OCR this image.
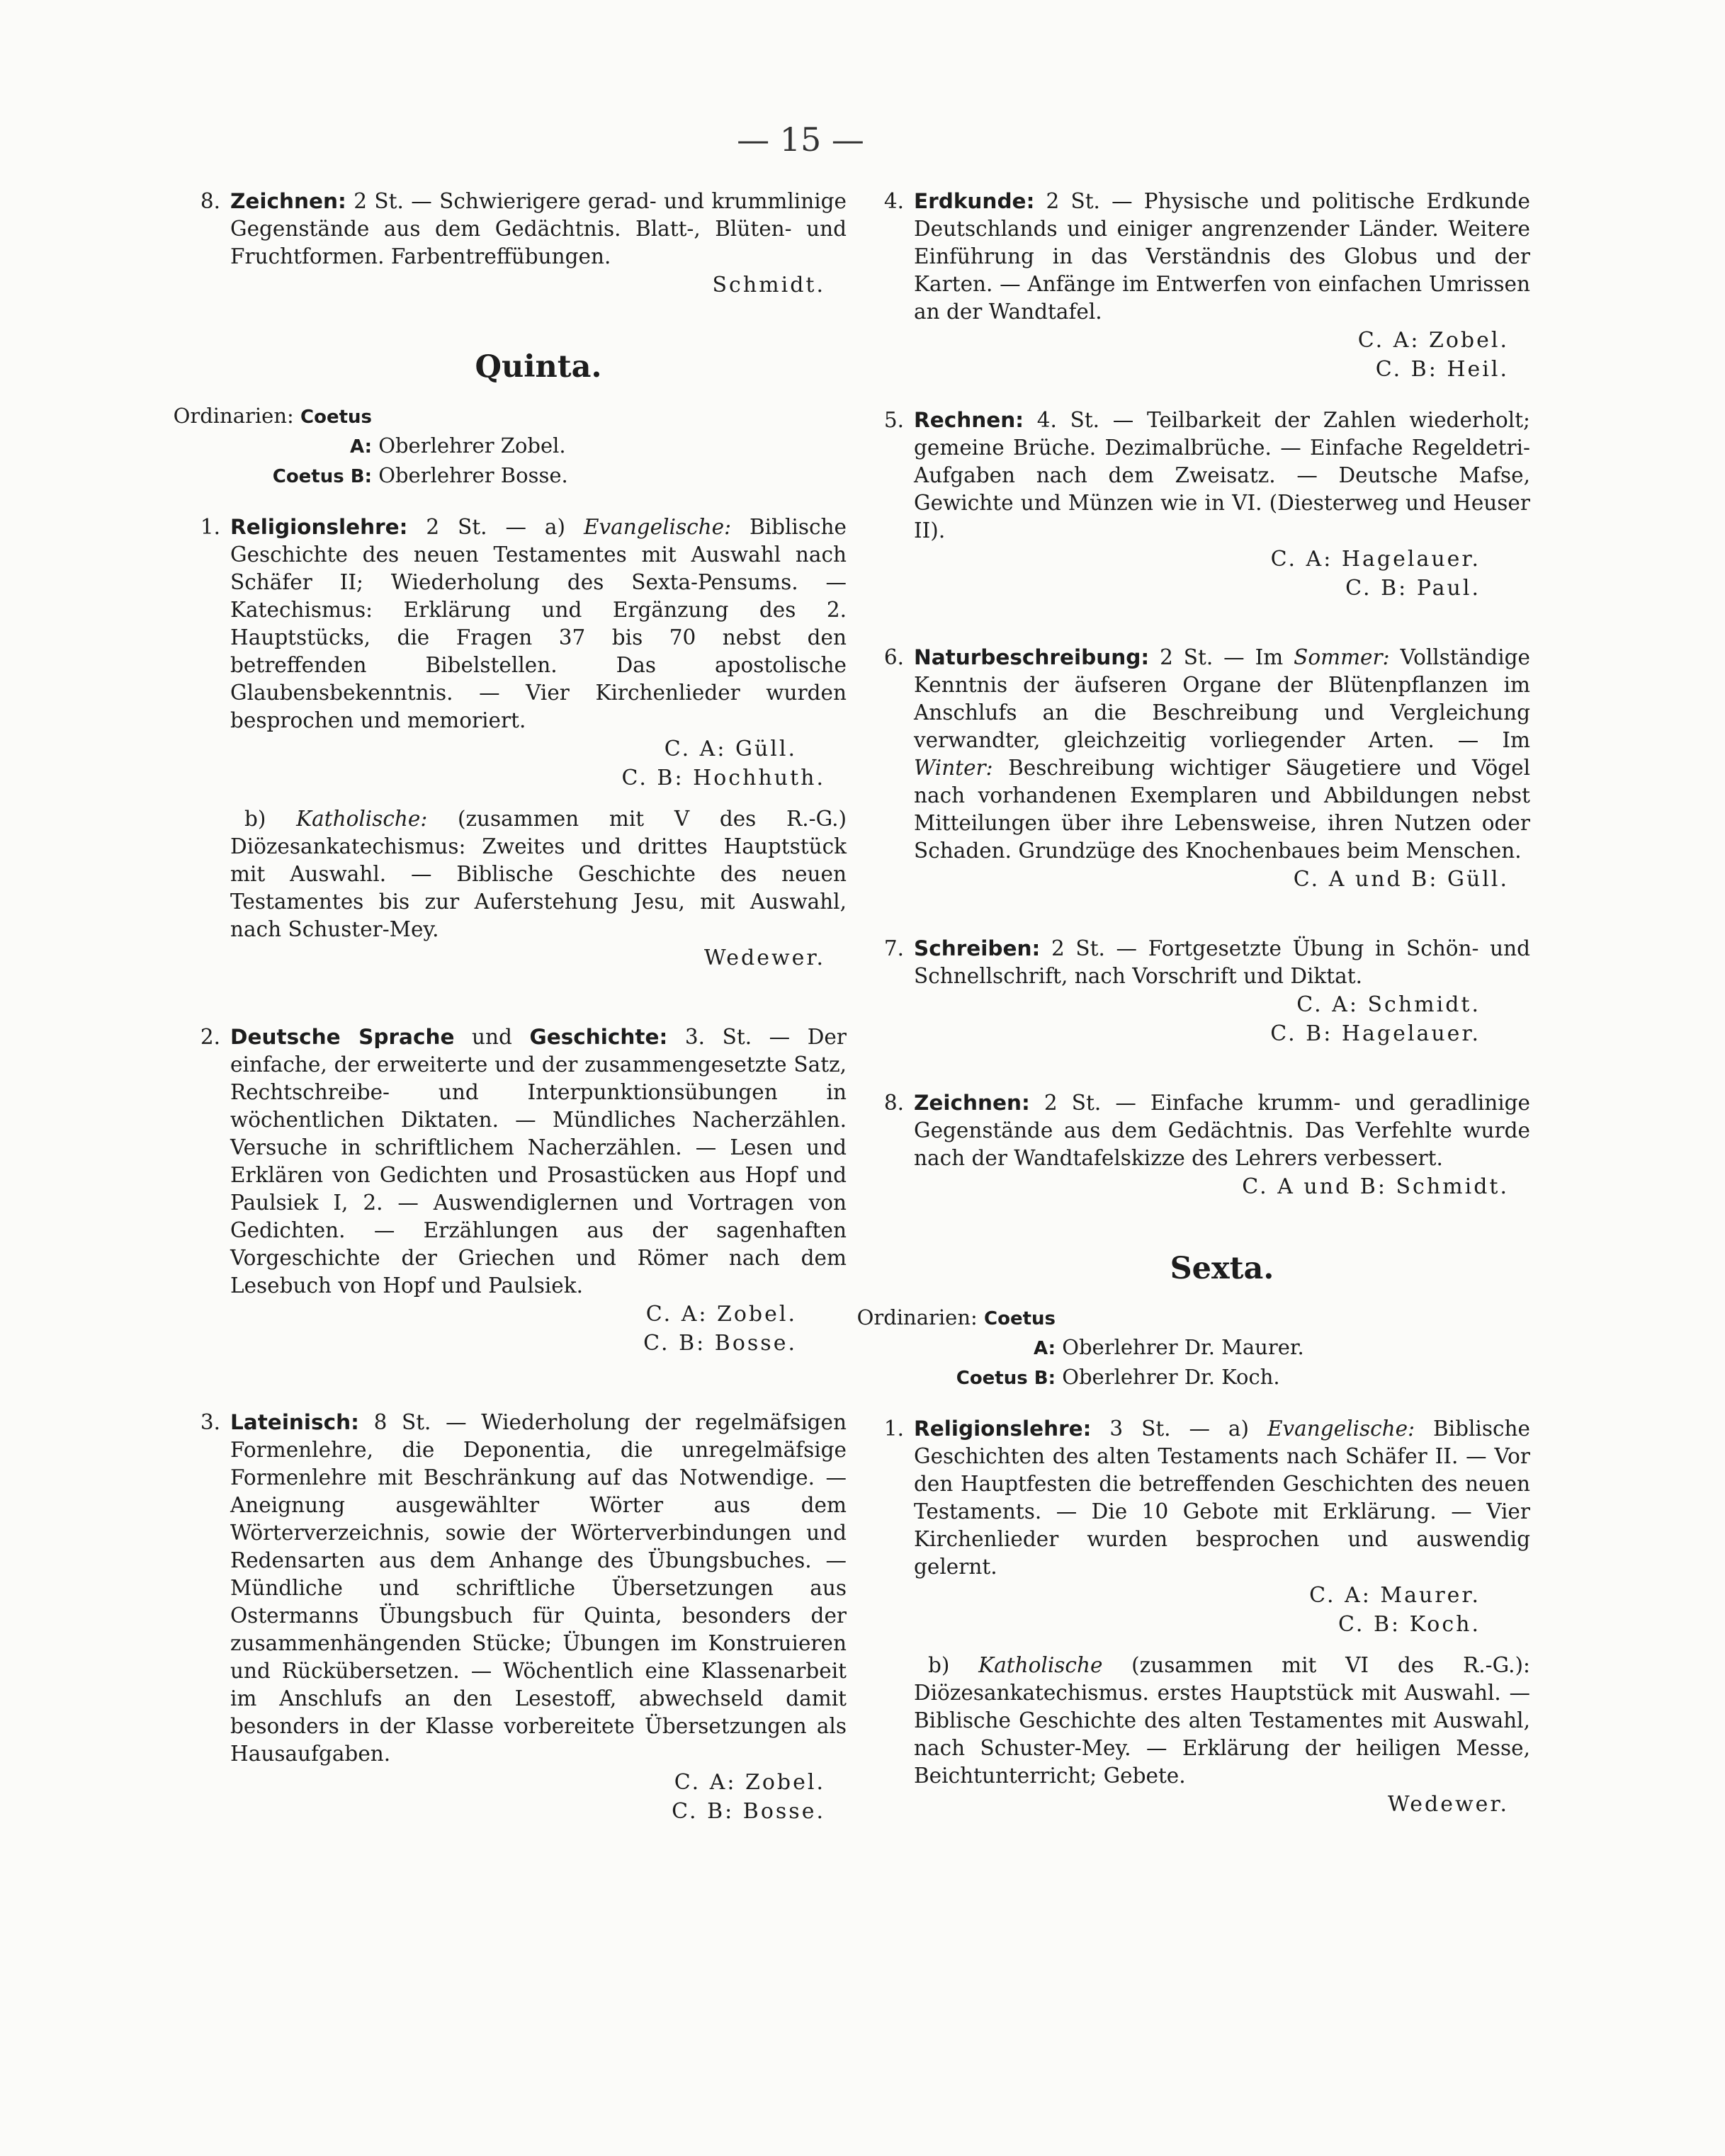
— 15 —
8. Zeichnen: 2 St. — Schwierigere gerad- und krummlinige Gegenstände aus dem Gedächtnis. Blatt-, Blüten- und Fruchtformen. Farbentreffübungen.
Schmidt.
Quinta.
Ordinarien: Coetus A: Oberlehrer Zobel.
Coetus B: Oberlehrer Bosse.
1. Religionslehre: 2 St. — a) Evangelische: Biblische Geschichte des neuen Testamentes mit Auswahl nach Schäfer II; Wiederholung des Sexta-Pensums. — Katechismus: Erklärung und Ergänzung des 2. Hauptstücks, die Fragen 37 bis 70 nebst den betreffenden Bibelstellen. Das apostolische Glaubensbekenntnis. — Vier Kirchenlieder wurden besprochen und memoriert.
C. A: Güll.
C. B: Hochhuth.
b) Katholische: (zusammen mit V des R.-G.) Diözesankatechismus: Zweites und drittes Hauptstück mit Auswahl. — Biblische Geschichte des neuen Testamentes bis zur Auferstehung Jesu, mit Auswahl, nach Schuster-Mey.
Wedewer.
2. Deutsche Sprache und Geschichte: 3. St. — Der einfache, der erweiterte und der zusammengesetzte Satz, Rechtschreibe- und Interpunktionsübungen in wöchentlichen Diktaten. — Mündliches Nacherzählen. Versuche in schriftlichem Nacherzählen. — Lesen und Erklären von Gedichten und Prosastücken aus Hopf und Paulsiek I, 2. — Auswendiglernen und Vortragen von Gedichten. — Erzählungen aus der sagenhaften Vorgeschichte der Griechen und Römer nach dem Lesebuch von Hopf und Paulsiek.
C. A: Zobel.
C. B: Bosse.
3. Lateinisch: 8 St. — Wiederholung der regelmäfsigen Formenlehre, die Deponentia, die unregelmäfsige Formenlehre mit Beschränkung auf das Notwendige. — Aneignung ausgewählter Wörter aus dem Wörterverzeichnis, sowie der Wörterverbindungen und Redensarten aus dem Anhange des Übungsbuches. — Mündliche und schriftliche Übersetzungen aus Ostermanns Übungsbuch für Quinta, besonders der zusammenhängenden Stücke; Übungen im Konstruieren und Rückübersetzen. — Wöchentlich eine Klassenarbeit im Anschlufs an den Lesestoff, abwechseld damit besonders in der Klasse vorbereitete Übersetzungen als Hausaufgaben.
C. A: Zobel.
C. B: Bosse.
4. Erdkunde: 2 St. — Physische und politische Erdkunde Deutschlands und einiger angrenzender Länder. Weitere Einführung in das Verständnis des Globus und der Karten. — Anfänge im Entwerfen von einfachen Umrissen an der Wandtafel.
C. A: Zobel.
C. B: Heil.
5. Rechnen: 4. St. — Teilbarkeit der Zahlen wiederholt; gemeine Brüche. Dezimalbrüche. — Einfache Regeldetri-Aufgaben nach dem Zweisatz. — Deutsche Mafse, Gewichte und Münzen wie in VI. (Diesterweg und Heuser II).
C. A: Hagelauer.
C. B: Paul.
6. Naturbeschreibung: 2 St. — Im Sommer: Vollständige Kenntnis der äufseren Organe der Blütenpflanzen im Anschlufs an die Beschreibung und Vergleichung verwandter, gleichzeitig vorliegender Arten. — Im Winter: Beschreibung wichtiger Säugetiere und Vögel nach vorhandenen Exemplaren und Abbildungen nebst Mitteilungen über ihre Lebensweise, ihren Nutzen oder Schaden. Grundzüge des Knochenbaues beim Menschen.
C. A und B: Güll.
7. Schreiben: 2 St. — Fortgesetzte Übung in Schön- und Schnellschrift, nach Vorschrift und Diktat.
C. A: Schmidt.
C. B: Hagelauer.
8. Zeichnen: 2 St. — Einfache krumm- und geradlinige Gegenstände aus dem Gedächtnis. Das Verfehlte wurde nach der Wandtafelskizze des Lehrers verbessert.
C. A und B: Schmidt.
Sexta.
Ordinarien: Coetus A: Oberlehrer Dr. Maurer.
Coetus B: Oberlehrer Dr. Koch.
1. Religionslehre: 3 St. — a) Evangelische: Biblische Geschichten des alten Testaments nach Schäfer II. — Vor den Hauptfesten die betreffenden Geschichten des neuen Testaments. — Die 10 Gebote mit Erklärung. — Vier Kirchenlieder wurden besprochen und auswendig gelernt.
C. A: Maurer.
C. B: Koch.
b) Katholische (zusammen mit VI des R.-G.): Diözesankatechismus. erstes Hauptstück mit Auswahl. — Biblische Geschichte des alten Testamentes mit Auswahl, nach Schuster-Mey. — Erklärung der heiligen Messe, Beichtunterricht; Gebete.
Wedewer.
